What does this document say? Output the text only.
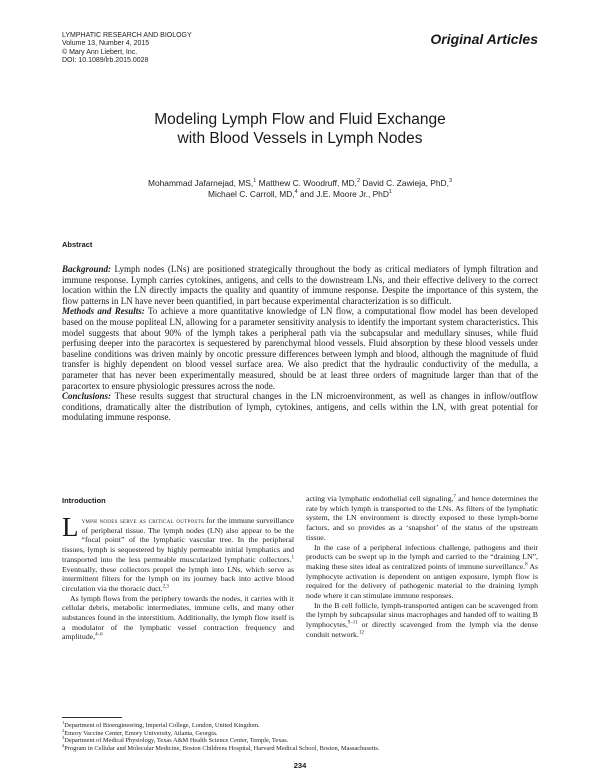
LYMPHATIC RESEARCH AND BIOLOGY
Volume 13, Number 4, 2015
© Mary Ann Liebert, Inc.
DOI: 10.1089/lrb.2015.0028
Original Articles
Modeling Lymph Flow and Fluid Exchange
with Blood Vessels in Lymph Nodes
Mohammad Jafarnejad, MS,$^1$ Matthew C. Woodruff, MD,$^2$ David C. Zawieja, PhD,$^3$
Michael C. Carroll, MD,$^4$ and J.E. Moore Jr., PhD$^1$
Abstract

Background: Lymph nodes (LNs) are positioned strategically throughout the body as critical mediators of lymph filtration and immune response. Lymph carries cytokines, antigens, and cells to the downstream LNs, and their effective delivery to the correct location within the LN directly impacts the quality and quantity of immune response. Despite the importance of this system, the flow patterns in LN have never been quantified, in part because experimental characterization is so difficult.

Methods and Results: To achieve a more quantitative knowledge of LN flow, a computational flow model has been developed based on the mouse popliteal LN, allowing for a parameter sensitivity analysis to identify the important system characteristics. This model suggests that about 90% of the lymph takes a peripheral path via the subcapsular and medullary sinuses, while fluid perfusing deeper into the paracortex is sequestered by parenchymal blood vessels. Fluid absorption by these blood vessels under baseline conditions was driven mainly by oncotic pressure differences between lymph and blood, although the magnitude of fluid transfer is highly dependent on blood vessel surface area. We also predict that the hydraulic conductivity of the medulla, a parameter that has never been experimentally measured, should be at least three orders of magnitude larger than that of the paracortex to ensure physiologic pressures across the node.

Conclusions: These results suggest that structural changes in the LN microenvironment, as well as changes in inflow/outflow conditions, dramatically alter the distribution of lymph, cytokines, antigens, and cells within the LN, with great potential for modulating immune response.

Introduction

Lymph nodes serve as critical outposts for the immune surveillance of peripheral tissue. The lymph nodes (LN) also appear to be the “focal point” of the lymphatic vascular tree. In the peripheral tissues, lymph is sequestered by highly permeable initial lymphatics and transported into the less permeable muscularized lymphatic collectors.$^1$ Eventually, these collectors propel the lymph into LNs, which serve as intermittent filters for the lymph on its journey back into active blood circulation via the thoracic duct.$^{2,3}$

As lymph flows from the periphery towards the nodes, it carries with it cellular debris, metabolic intermediates, immune cells, and many other substances found in the interstitium. Additionally, the lymph flow itself is a modulator of the lymphatic vessel contraction frequency and amplitude,$^{4-6}$

acting via lymphatic endothelial cell signaling,$^7$ and hence determines the rate by which lymph is transported to the LNs. As filters of the lymphatic system, the LN environment is directly exposed to these lymph-borne factors, and so provides as a ‘snapshot’ of the status of the upstream tissue.

In the case of a peripheral infectious challenge, pathogens and their products can be swept up in the lymph and carried to the “draining LN”, making these sites ideal as centralized points of immune surveillance.$^8$ As lymphocyte activation is dependent on antigen exposure, lymph flow is required for the delivery of pathogenic material to the draining lymph node where it can stimulate immune responses.

In the B cell follicle, lymph-transported antigen can be scavenged from the lymph by subcapsular sinus macrophages and handed off to waiting B lymphocytes,$^{9-11}$ or directly scavenged from the lymph via the dense conduit network.$^{12}$

$^1$Department of Bioengineering, Imperial College, London, United Kingdom.
$^2$Emory Vaccine Center, Emory University, Atlanta, Georgia.
$^3$Department of Medical Physiology, Texas A&M Health Science Center, Temple, Texas.
$^4$Program in Cellular and Molecular Medicine, Boston Childrens Hospital, Harvard Medical School, Boston, Massachusetts.
234
